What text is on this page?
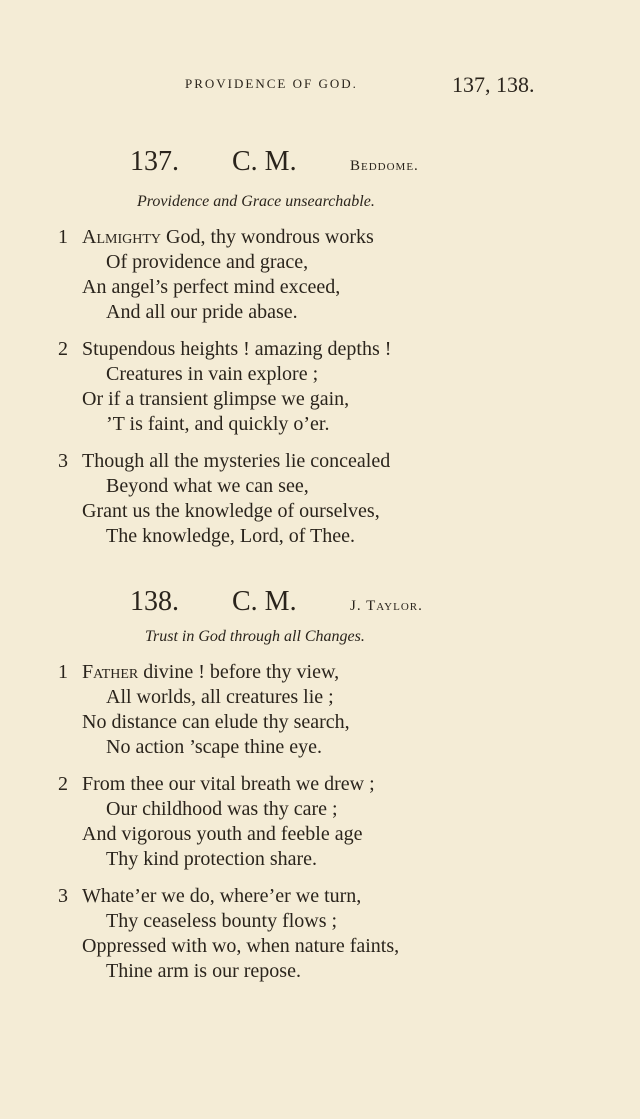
PROVIDENCE OF GOD.	137, 138.
137. C. M.	Beddome.
Providence and Grace unsearchable.
1 Almighty God, thy wondrous works
Of providence and grace,
An angel’s perfect mind exceed,
And all our pride abase.
2 Stupendous heights ! amazing depths !
Creatures in vain explore ;
Or if a transient glimpse we gain,
’T is faint, and quickly o’er.
3 Though all the mysteries lie concealed
Beyond what we can see,
Grant us the knowledge of ourselves,
The knowledge, Lord, of Thee.
138. C. M.	J. Taylor.
Trust in God through all Changes.
1 Father divine ! before thy view,
All worlds, all creatures lie ;
No distance can elude thy search,
No action ’scape thine eye.
2 From thee our vital breath we drew ;
Our childhood was thy care ;
And vigorous youth and feeble age
Thy kind protection share.
3 Whate’er we do, where’er we turn,
Thy ceaseless bounty flows ;
Oppressed with wo, when nature faints,
Thine arm is our repose.
